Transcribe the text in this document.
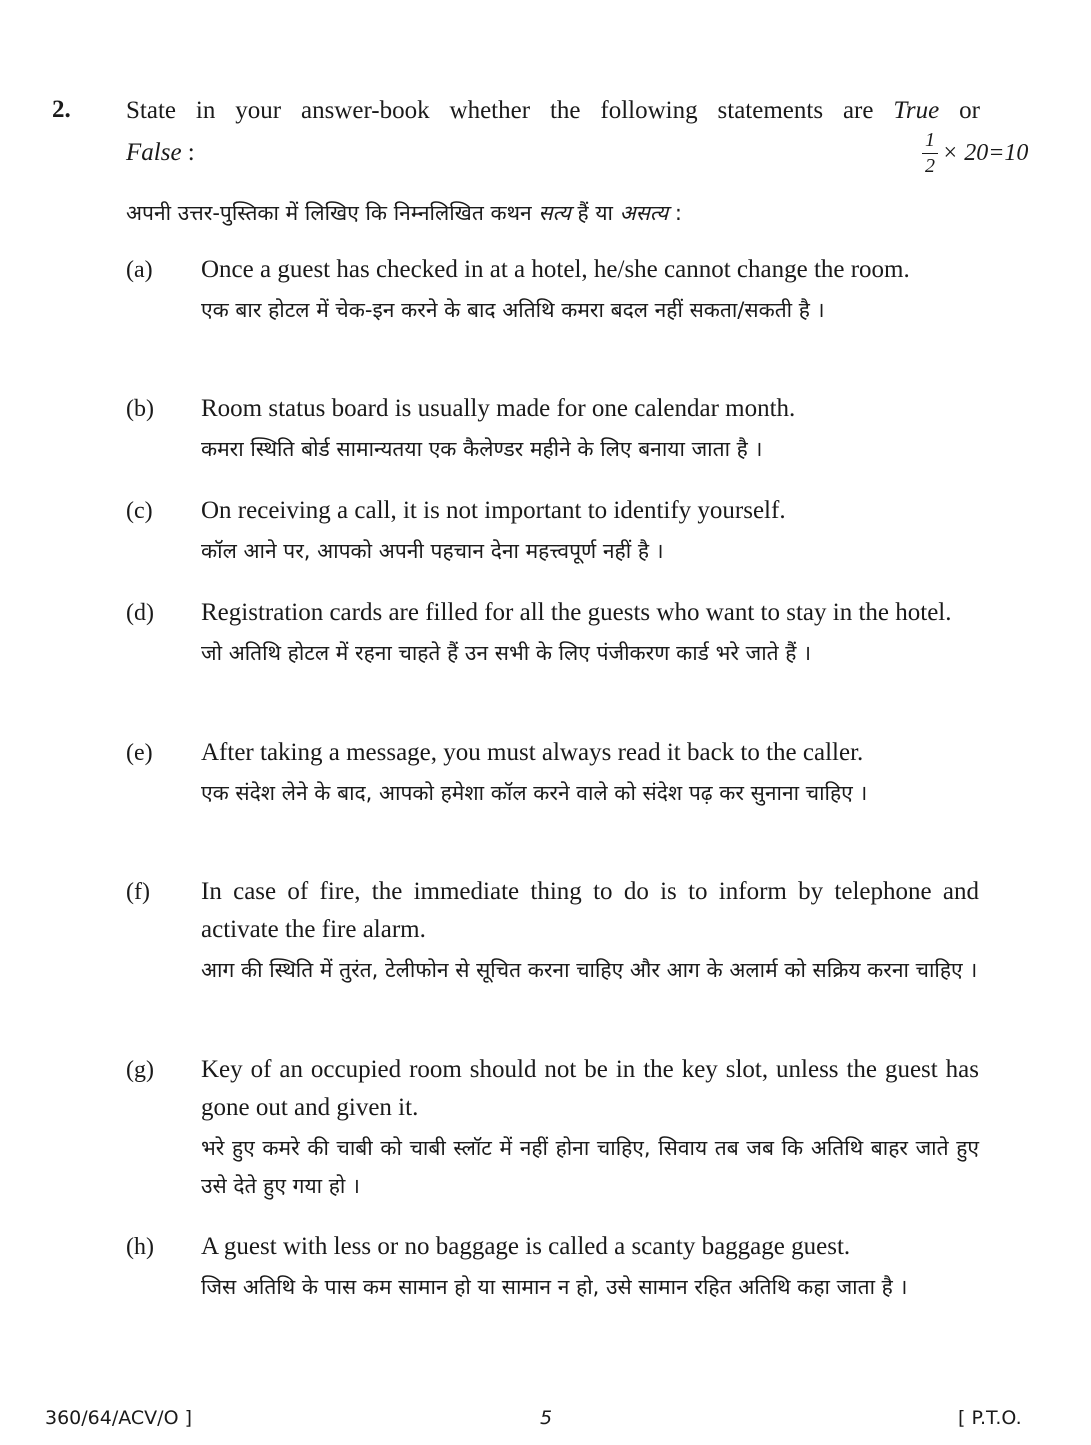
2. State in your answer-book whether the following statements are True or
False :	$\frac{1}{2} \times 20=10$
अपनी उत्तर-पुस्तिका में लिखिए कि निम्नलिखित कथन सत्य हैं या असत्य :
(a) Once a guest has checked in at a hotel, he/she cannot change the room.
एक बार होटल में चेक-इन करने के बाद अतिथि कमरा बदल नहीं सकता/सकती है ।
(b) Room status board is usually made for one calendar month.
कमरा स्थिति बोर्ड सामान्यतया एक कैलेण्डर महीने के लिए बनाया जाता है ।
(c) On receiving a call, it is not important to identify yourself.
कॉल आने पर, आपको अपनी पहचान देना महत्त्वपूर्ण नहीं है ।
(d) Registration cards are filled for all the guests who want to stay in the hotel.
जो अतिथि होटल में रहना चाहते हैं उन सभी के लिए पंजीकरण कार्ड भरे जाते हैं ।
(e) After taking a message, you must always read it back to the caller.
एक संदेश लेने के बाद, आपको हमेशा कॉल करने वाले को संदेश पढ़ कर सुनाना चाहिए ।
(f) In case of fire, the immediate thing to do is to inform by telephone and activate the fire alarm.
आग की स्थिति में तुरंत, टेलीफोन से सूचित करना चाहिए और आग के अलार्म को सक्रिय करना चाहिए ।
(g) Key of an occupied room should not be in the key slot, unless the guest has gone out and given it.
भरे हुए कमरे की चाबी को चाबी स्लॉट में नहीं होना चाहिए, सिवाय तब जब कि अतिथि बाहर जाते हुए उसे देते हुए गया हो ।
(h) A guest with less or no baggage is called a scanty baggage guest.
जिस अतिथि के पास कम सामान हो या सामान न हो, उसे सामान रहित अतिथि कहा जाता है ।
360/64/ACV/O ]	5	[ P.T.O.
